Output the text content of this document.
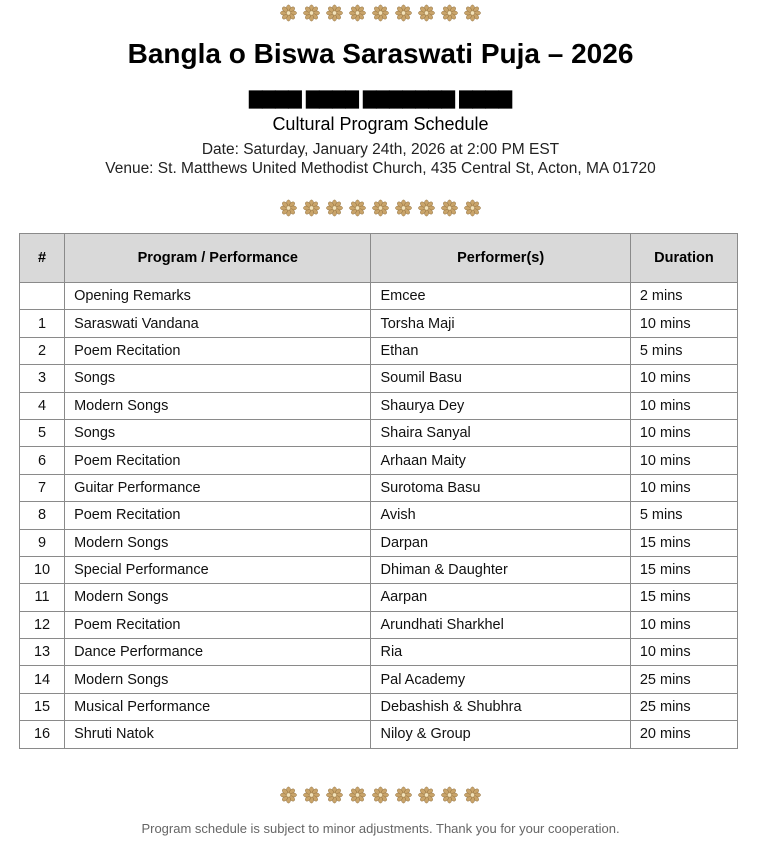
Bangla o Biswa Saraswati Puja – 2026
▇▇▇▇ ▇▇▇▇ ▇▇▇▇▇▇▇ ▇▇▇▇
Cultural Program Schedule
Date: Saturday, January 24th, 2026 at 2:00 PM EST
Venue: St. Matthews United Methodist Church, 435 Central St, Acton, MA 01720
#	Program / Performance	Performer(s)	Duration
	Opening Remarks	Emcee	2 mins
1	Saraswati Vandana	Torsha Maji	10 mins
2	Poem Recitation	Ethan	5 mins
3	Songs	Soumil Basu	10 mins
4	Modern Songs	Shaurya Dey	10 mins
5	Songs	Shaira Sanyal	10 mins
6	Poem Recitation	Arhaan Maity	10 mins
7	Guitar Performance	Surotoma Basu	10 mins
8	Poem Recitation	Avish	5 mins
9	Modern Songs	Darpan	15 mins
10	Special Performance	Dhiman & Daughter	15 mins
11	Modern Songs	Aarpan	15 mins
12	Poem Recitation	Arundhati Sharkhel	10 mins
13	Dance Performance	Ria	10 mins
14	Modern Songs	Pal Academy	25 mins
15	Musical Performance	Debashish & Shubhra	25 mins
16	Shruti Natok	Niloy & Group	20 mins
Program schedule is subject to minor adjustments. Thank you for your cooperation.
